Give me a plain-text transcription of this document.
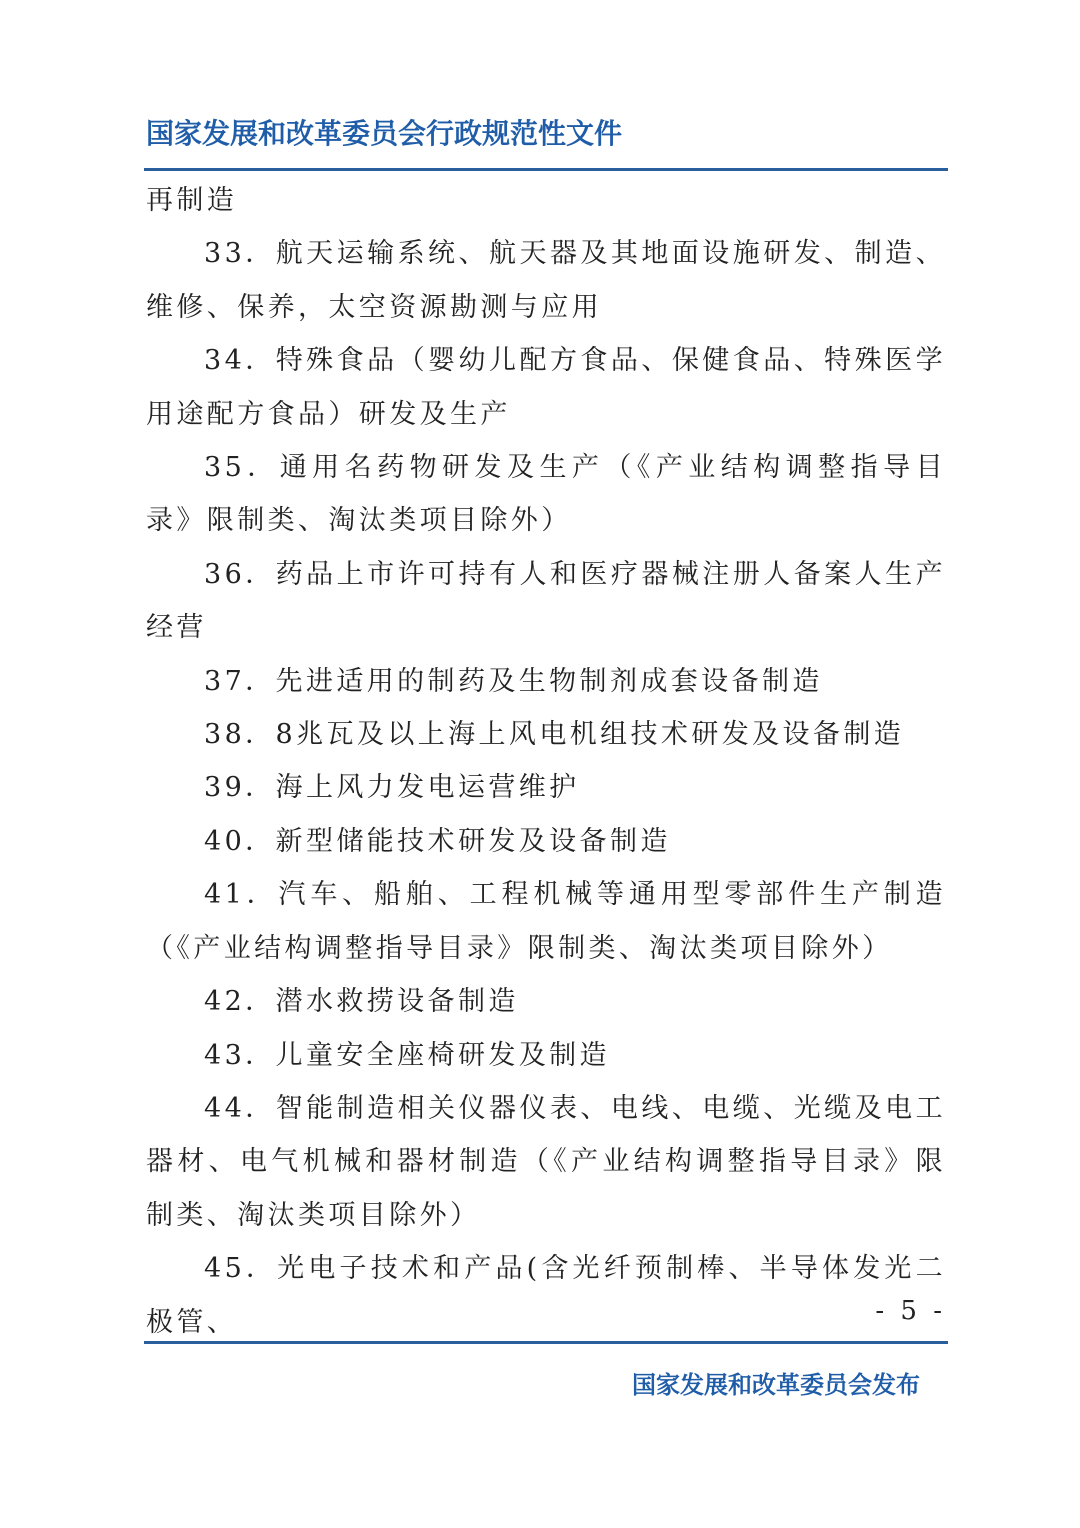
国家发展和改革委员会行政规范性文件

再制造

33．航天运输系统、航天器及其地面设施研发、制造、维修、保养，太空资源勘测与应用

34．特殊食品（婴幼儿配方食品、保健食品、特殊医学用途配方食品）研发及生产

35．通用名药物研发及生产（《产业结构调整指导目录》限制类、淘汰类项目除外）

36．药品上市许可持有人和医疗器械注册人备案人生产经营

37．先进适用的制药及生物制剂成套设备制造

38．8兆瓦及以上海上风电机组技术研发及设备制造

39．海上风力发电运营维护

40．新型储能技术研发及设备制造

41．汽车、船舶、工程机械等通用型零部件生产制造（《产业结构调整指导目录》限制类、淘汰类项目除外）

42．潜水救捞设备制造

43．儿童安全座椅研发及制造

44．智能制造相关仪器仪表、电线、电缆、光缆及电工器材、电气机械和器材制造（《产业结构调整指导目录》限制类、淘汰类项目除外）

45．光电子技术和产品(含光纤预制棒、半导体发光二极管、	- 5 -
国家发展和改革委员会发布
